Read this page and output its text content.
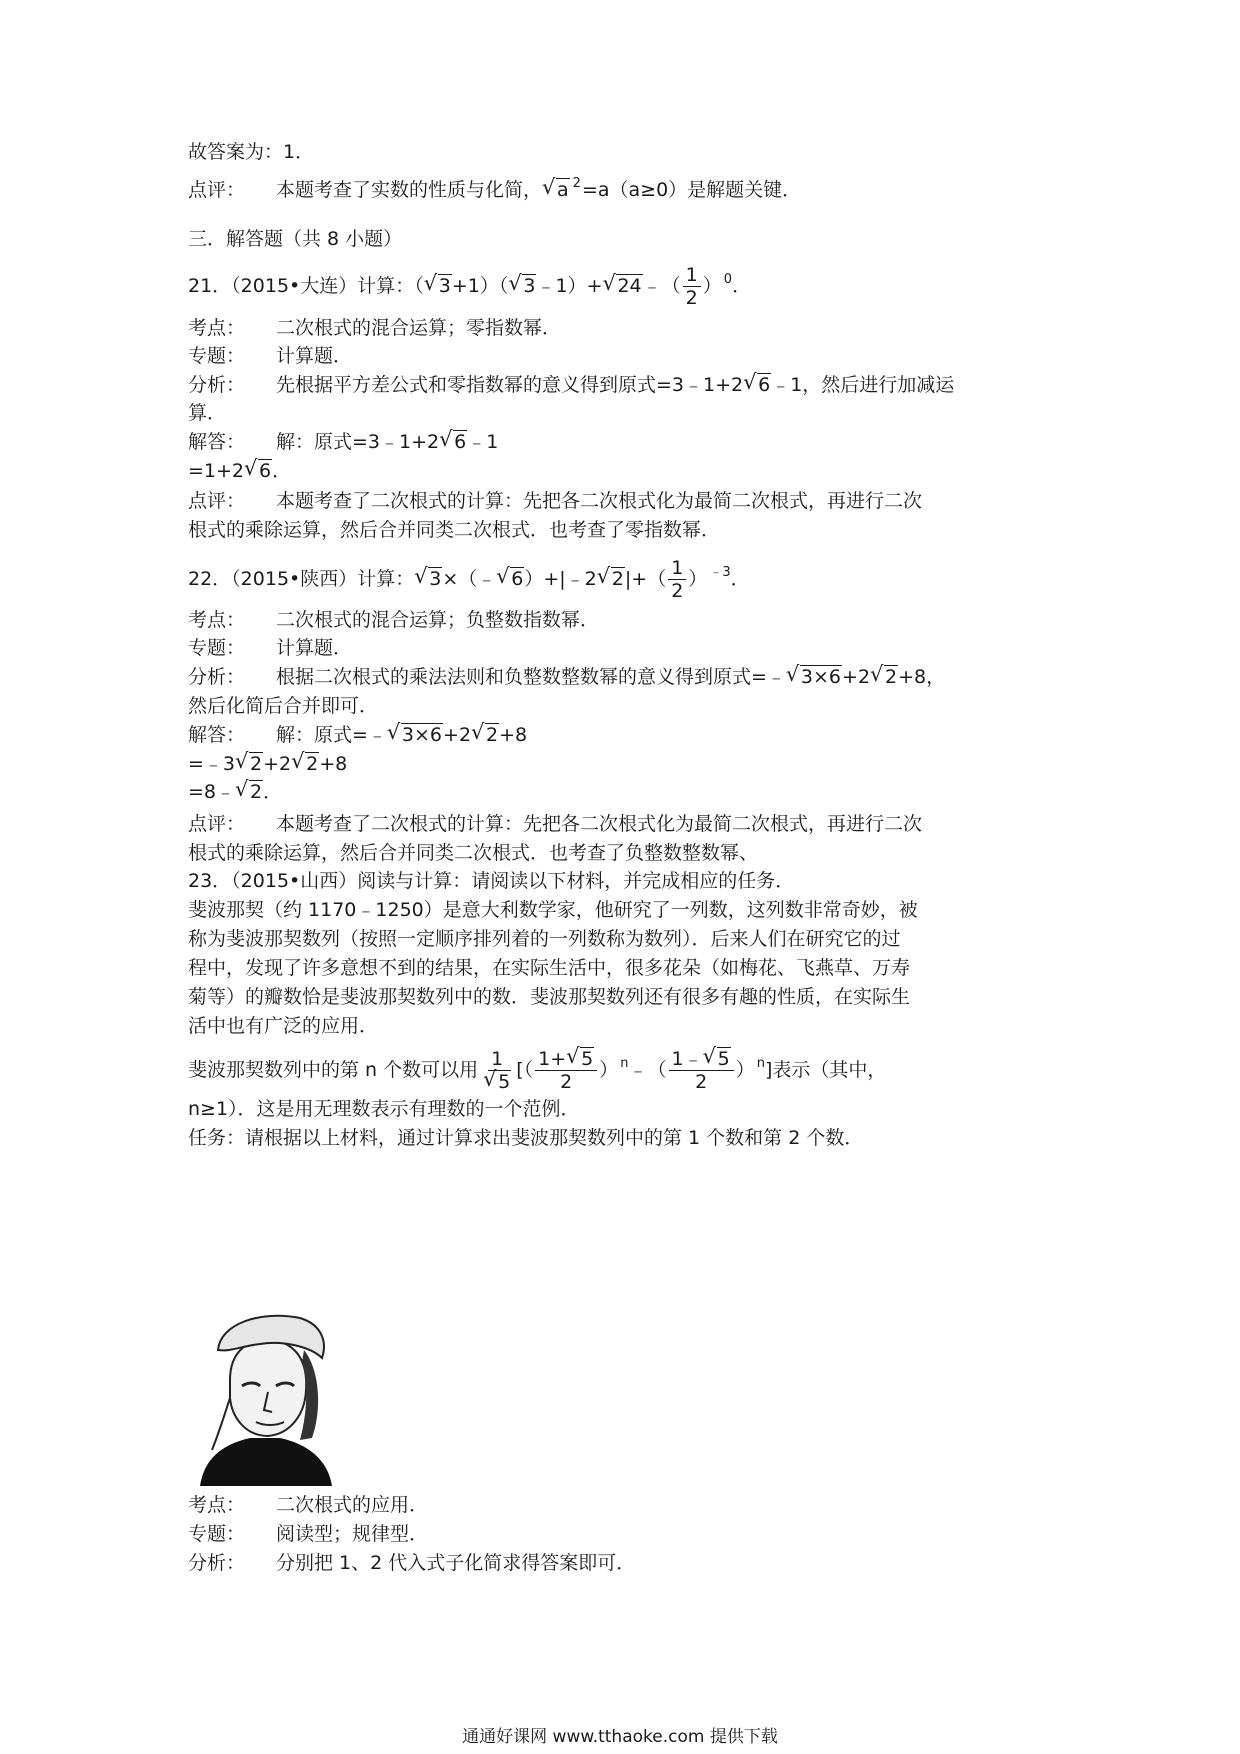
故答案为：1．
点评： 本题考查了实数的性质与化简， √ a $^2$=a（a≥0）是解题关键．
三．解答题（共 8 小题）
21．（2015•大连）计算：（ √ 3+1）（ √ 3﹣1）+ √ 24﹣（ $\frac{1}{2}$ ） $^0$．
考点： 二次根式的混合运算；零指数幂．
专题： 计算题．
分析： 先根据平方差公式和零指数幂的意义得到原式=3﹣1+2 √ 6﹣1，然后进行加减运
算．
解答： 解：原式=3﹣1+2 √ 6﹣1
=1+2 √ 6．
点评： 本题考查了二次根式的计算：先把各二次根式化为最简二次根式，再进行二次
根式的乘除运算，然后合并同类二次根式．也考查了零指数幂．
22．（2015•陕西）计算： √ 3×（﹣ √ 6）+|﹣2 √ $2|+( \frac{1}{2}$ ） $^{﹣3}$．
考点： 二次根式的混合运算；负整数指数幂．
专题： 计算题．
分析： 根据二次根式的乘法法则和负整数整数幂的意义得到原式=﹣ √ 3×6+2 √ 2+8，
然后化简后合并即可．
解答： 解：原式=﹣ √ 3×6+2 √ 2+8
=﹣3 √ 2+2 √ 2+8
=8﹣ √ 2．
点评： 本题考查了二次根式的计算：先把各二次根式化为最简二次根式，再进行二次
根式的乘除运算，然后合并同类二次根式．也考查了负整数整数幂、
23．（2015•山西）阅读与计算：请阅读以下材料，并完成相应的任务．
斐波那契（约 1170﹣1250）是意大利数学家，他研究了一列数，这列数非常奇妙，被
称为斐波那契数列（按照一定顺序排列着的一列数称为数列）．后来人们在研究它的过
程中，发现了许多意想不到的结果，在实际生活中，很多花朵（如梅花、飞燕草、万寿
菊等）的瓣数恰是斐波那契数列中的数．斐波那契数列还有很多有趣的性质，在实际生
活中也有广泛的应用．
斐波那契数列中的第 n 个数可以用 1
√ 5 [（ $\frac{1+ √ 5}{2}$ ） $^n$﹣（ $\frac{1﹣ √ 5}{2}$ ） $^n$]表示（其中，
n≥1）．这是用无理数表示有理数的一个范例．
任务：请根据以上材料，通过计算求出斐波那契数列中的第 1 个数和第 2 个数．
考点： 二次根式的应用．
专题： 阅读型；规律型．
分析： 分别把 1、2 代入式子化简求得答案即可．
通通好课网 www.tthaoke.com 提供下载
